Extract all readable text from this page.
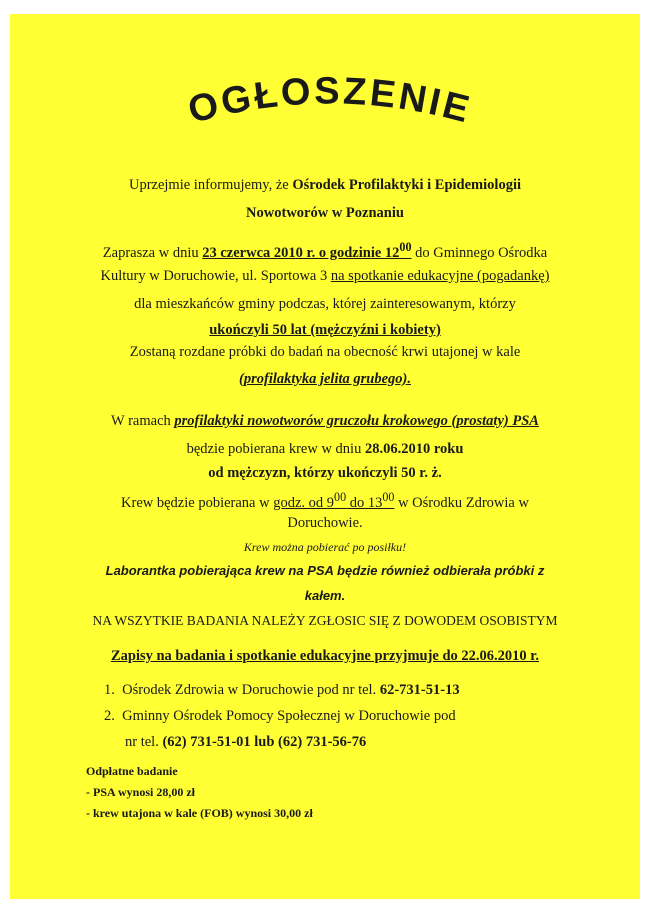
OGŁOSZENIE
Uprzejmie informujemy, że Ośrodek Profilaktyki i Epidemiologii
Nowotworów w Poznaniu
Zaprasza w dniu 23 czerwca 2010 r. o godzinie $12^{00}$ do Gminnego Ośrodka
Kultury w Doruchowie, ul. Sportowa 3 na spotkanie edukacyjne (pogadankę)
dla mieszkańców gminy podczas, której zainteresowanym, którzy
ukończyli 50 lat (mężczyźni i kobiety)
Zostaną rozdane próbki do badań na obecność krwi utajonej w kale
(profilaktyka jelita grubego).
W ramach profilaktyki nowotworów gruczołu krokowego (prostaty) PSA
będzie pobierana krew w dniu 28.06.2010 roku
od mężczyzn, którzy ukończyli 50 r. ż.
Krew będzie pobierana w godz. od $9^{00}$ do $13^{00}$ w Ośrodku Zdrowia w
Doruchowie.
Krew można pobierać po posiłku!
Laborantka pobierająca krew na PSA będzie również odbierała próbki z
kałem.
NA WSZYTKIE BADANIA NALEŻY ZGŁOSIC SIĘ Z DOWODEM OSOBISTYM
Zapisy na badania i spotkanie edukacyjne przyjmuje do 22.06.2010 r.
1. Ośrodek Zdrowia w Doruchowie pod nr tel. 62-731-51-13
2. Gminny Ośrodek Pomocy Społecznej w Doruchowie pod
nr tel. (62) 731-51-01 lub (62) 731-56-76
Odpłatne badanie
- PSA wynosi 28,00 zł
- krew utajona w kale (FOB) wynosi 30,00 zł
